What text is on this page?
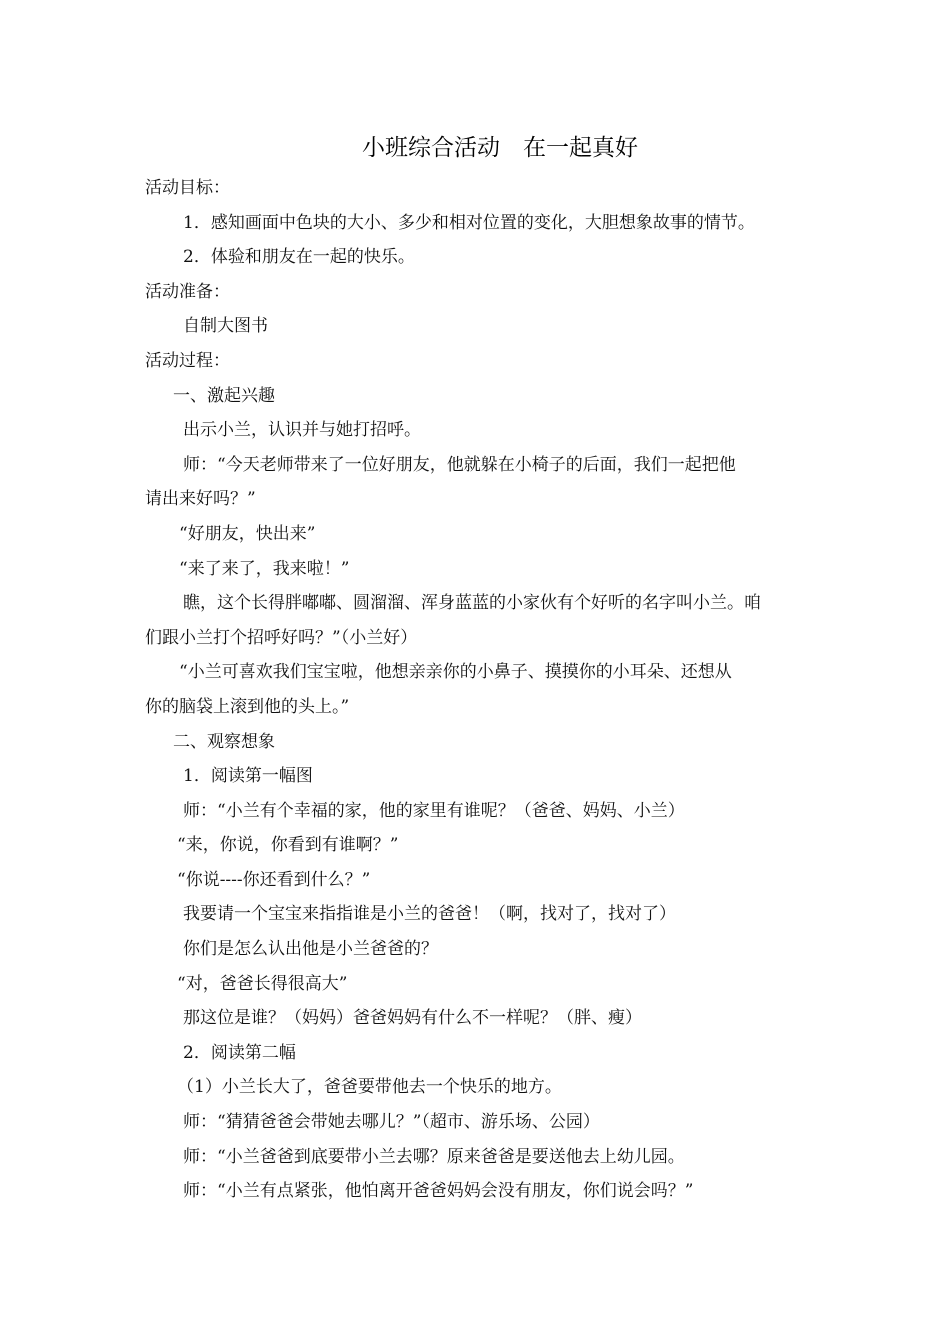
小班综合活动　在一起真好
活动目标：
1．感知画面中色块的大小、多少和相对位置的变化，大胆想象故事的情节。
2．体验和朋友在一起的快乐。
活动准备：
自制大图书
活动过程：
一、激起兴趣
出示小兰，认识并与她打招呼。
师：“今天老师带来了一位好朋友，他就躲在小椅子的后面，我们一起把他
请出来好吗？”
“好朋友，快出来”
“来了来了，我来啦！”
瞧，这个长得胖嘟嘟、圆溜溜、浑身蓝蓝的小家伙有个好听的名字叫小兰。咱
们跟小兰打个招呼好吗？”（小兰好）
“小兰可喜欢我们宝宝啦，他想亲亲你的小鼻子、摸摸你的小耳朵、还想从
你的脑袋上滚到他的头上。”
二、观察想象
1．阅读第一幅图
师：“小兰有个幸福的家，他的家里有谁呢？（爸爸、妈妈、小兰）
“来，你说，你看到有谁啊？”
“你说----你还看到什么？”
我要请一个宝宝来指指谁是小兰的爸爸！（啊，找对了，找对了）
你们是怎么认出他是小兰爸爸的？
“对，爸爸长得很高大”
那这位是谁？（妈妈）爸爸妈妈有什么不一样呢？（胖、瘦）
2．阅读第二幅
（1）小兰长大了，爸爸要带他去一个快乐的地方。
师：“猜猜爸爸会带她去哪儿？”（超市、游乐场、公园）
师：“小兰爸爸到底要带小兰去哪？原来爸爸是要送他去上幼儿园。
师：“小兰有点紧张，他怕离开爸爸妈妈会没有朋友，你们说会吗？”
